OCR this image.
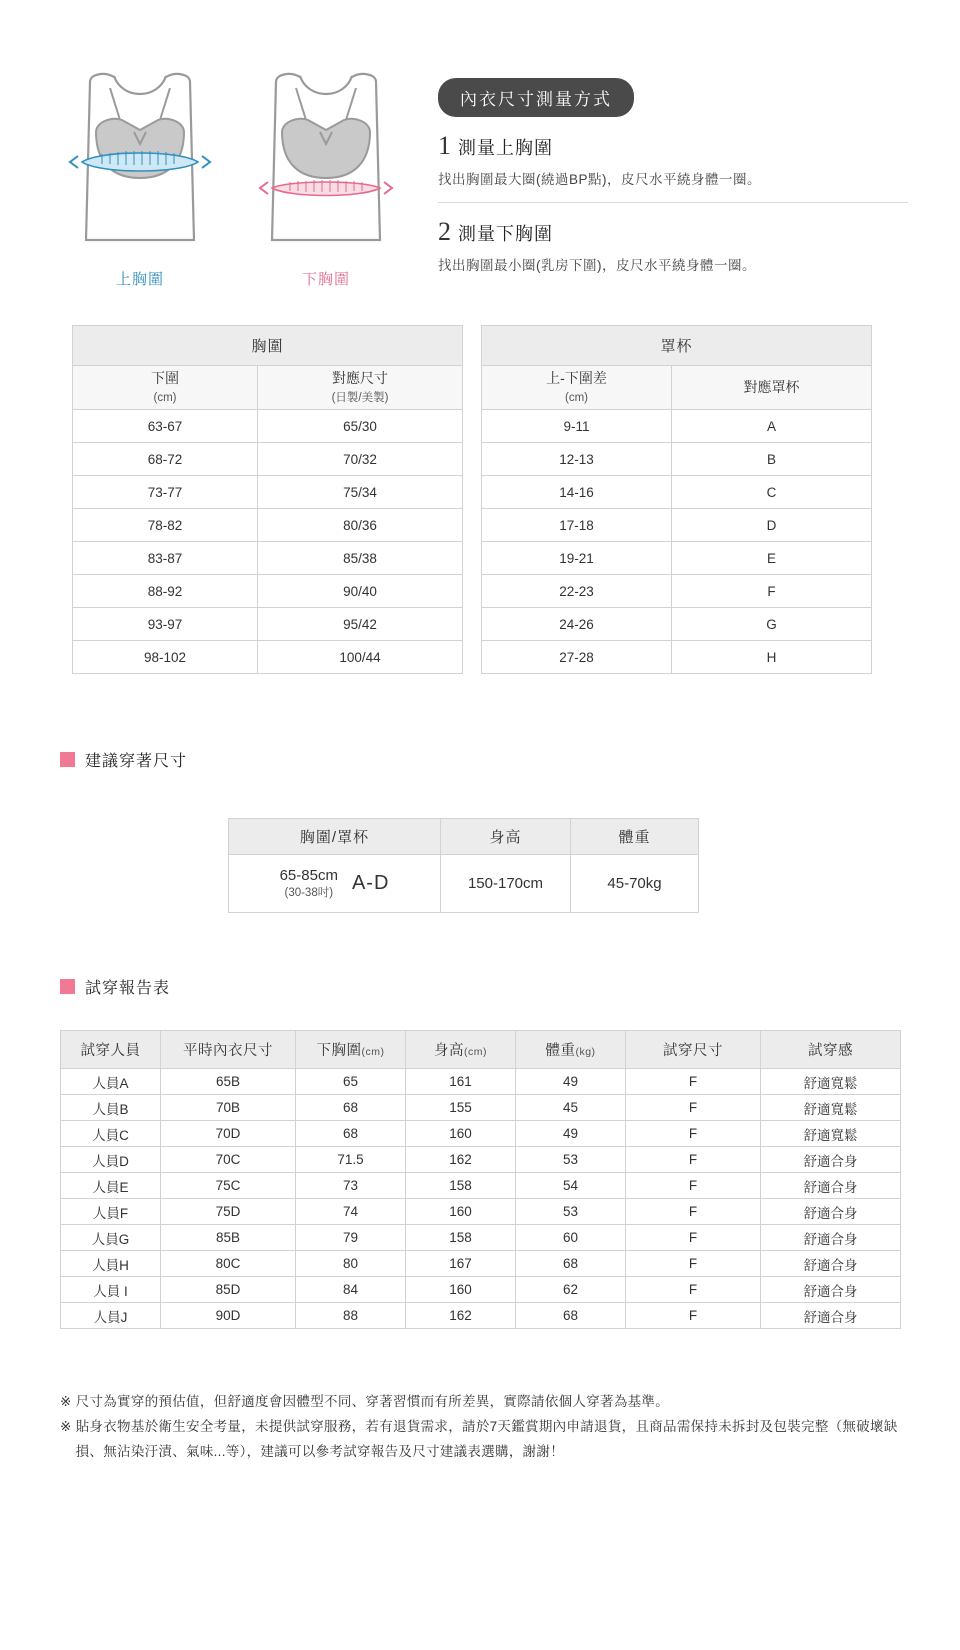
上胸圍	下胸圍
內衣尺寸測量方式
1 測量上胸圍
找出胸圍最大圈(繞過BP點)，皮尺水平繞身體一圈。
2 測量下胸圍
找出胸圍最小圈(乳房下圍)，皮尺水平繞身體一圈。
胸圍	
下圍
(cm)	對應尺寸
(日製/美製)
63-67	65/30
68-72	70/32
73-77	75/34
78-82	80/36
83-87	85/38
88-92	90/40
93-97	95/42
98-102	100/44
罩杯	
上-下圍差
(cm)	對應罩杯
9-11	A
12-13	B
14-16	C
17-18	D
19-21	E
22-23	F
24-26	G
27-28	H
建議穿著尺寸
胸圍/罩杯	身高	體重

65-85cm
(30-38吋) A-D	150-170cm	45-70kg
試穿報告表
試穿人員	平時內衣尺寸	下胸圍(cm)	身高(cm)	體重(kg)	試穿尺寸	試穿感
人員A	65B	65	161	49	F	舒適寬鬆
人員B	70B	68	155	45	F	舒適寬鬆
人員C	70D	68	160	49	F	舒適寬鬆
人員D	70C	71.5	162	53	F	舒適合身
人員E	75C	73	158	54	F	舒適合身
人員F	75D	74	160	53	F	舒適合身
人員G	85B	79	158	60	F	舒適合身
人員H	80C	80	167	68	F	舒適合身
人員 I	85D	84	160	62	F	舒適合身
人員J	90D	88	162	68	F	舒適合身
※ 尺寸為實穿的預估值，但舒適度會因體型不同、穿著習慣而有所差異，實際請依個人穿著為基準。
※ 貼身衣物基於衛生安全考量，未提供試穿服務，若有退貨需求，請於7天鑑賞期內申請退貨，且商品需保持未拆封及包裝完整（無破壞缺損、無沾染汙漬、氣味...等），建議可以參考試穿報告及尺寸建議表選購，謝謝！
